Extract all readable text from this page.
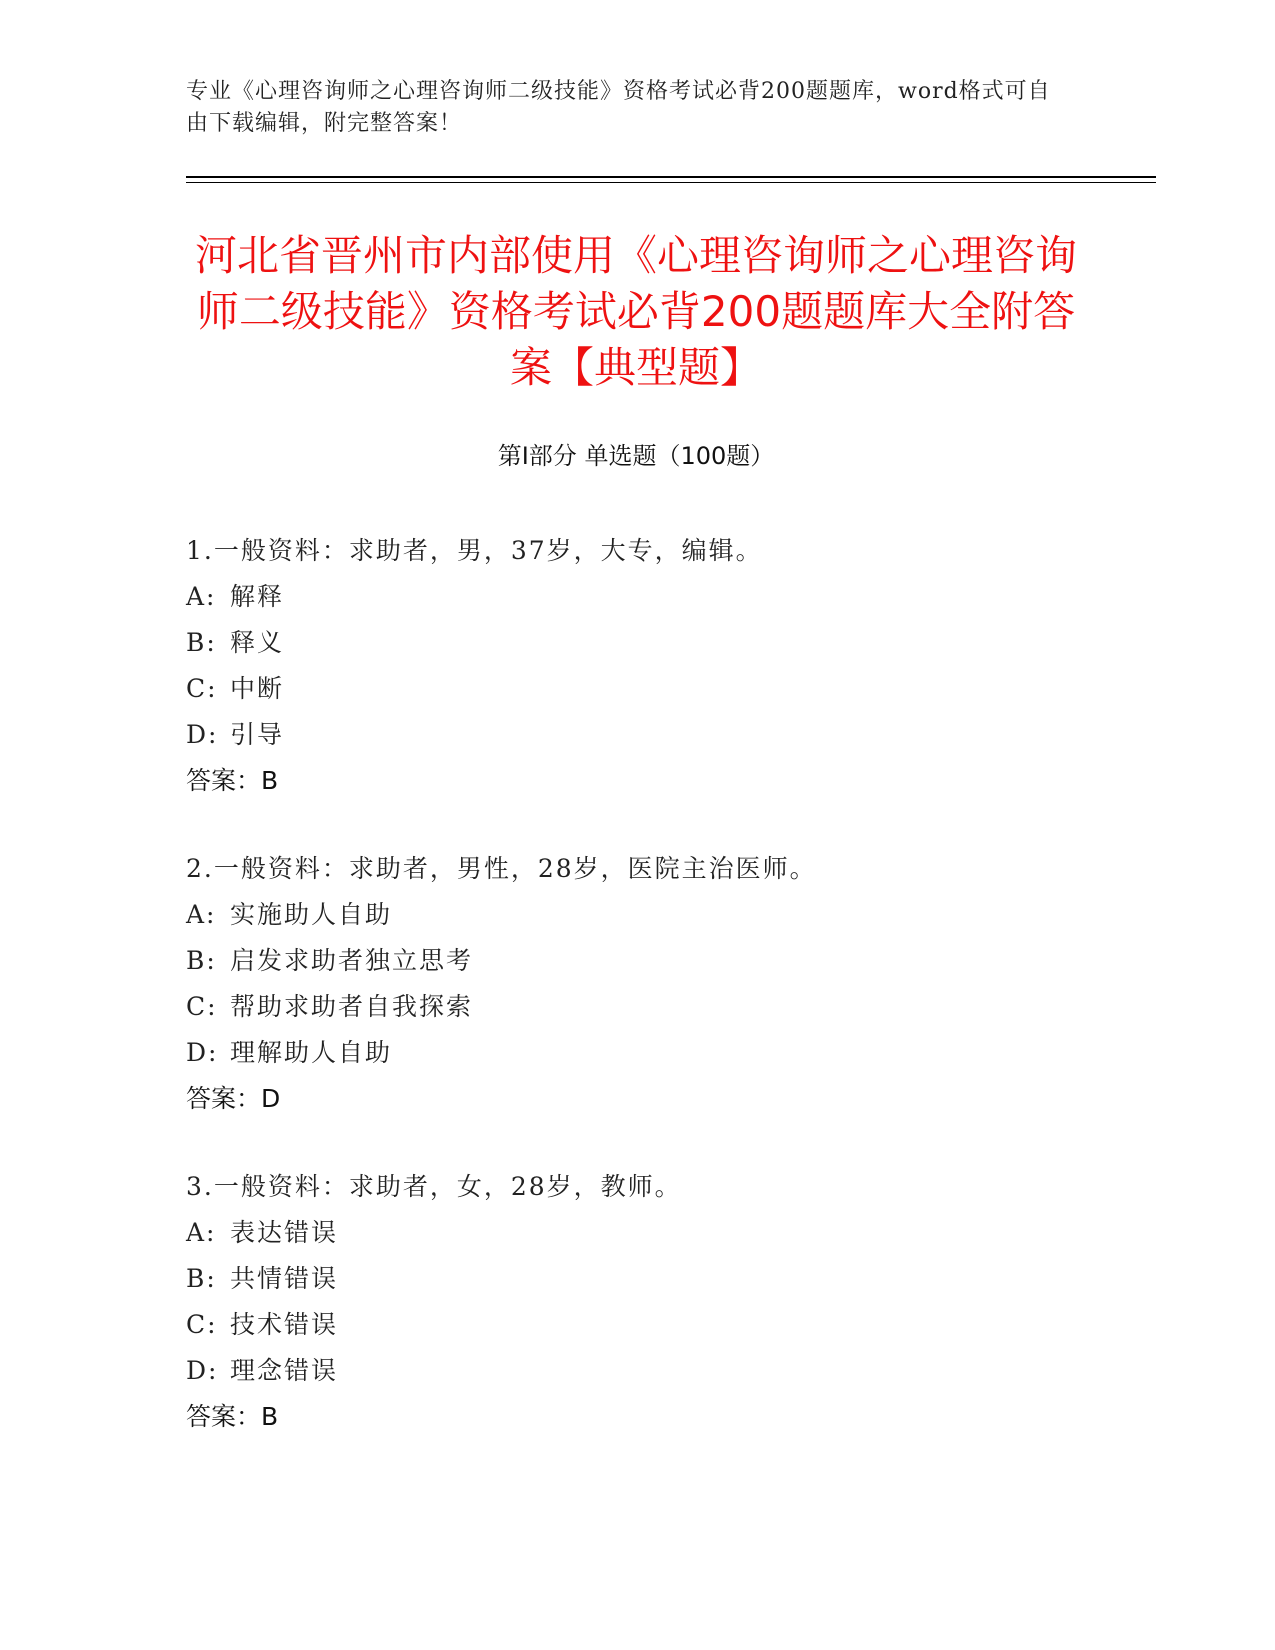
专业《心理咨询师之心理咨询师二级技能》资格考试必背200题题库，word格式可自由下载编辑，附完整答案！
河北省晋州市内部使用《心理咨询师之心理咨询师二级技能》资格考试必背200题题库大全附答案【典型题】
第Ⅰ部分 单选题（100题）
1.一般资料：求助者，男，37岁，大专，编辑。
A: 解释
B: 释义
C: 中断
D: 引导
答案：B
2.一般资料：求助者，男性，28岁，医院主治医师。
A: 实施助人自助
B: 启发求助者独立思考
C: 帮助求助者自我探索
D: 理解助人自助
答案：D
3.一般资料：求助者，女，28岁，教师。
A: 表达错误
B: 共情错误
C: 技术错误
D: 理念错误
答案：B
